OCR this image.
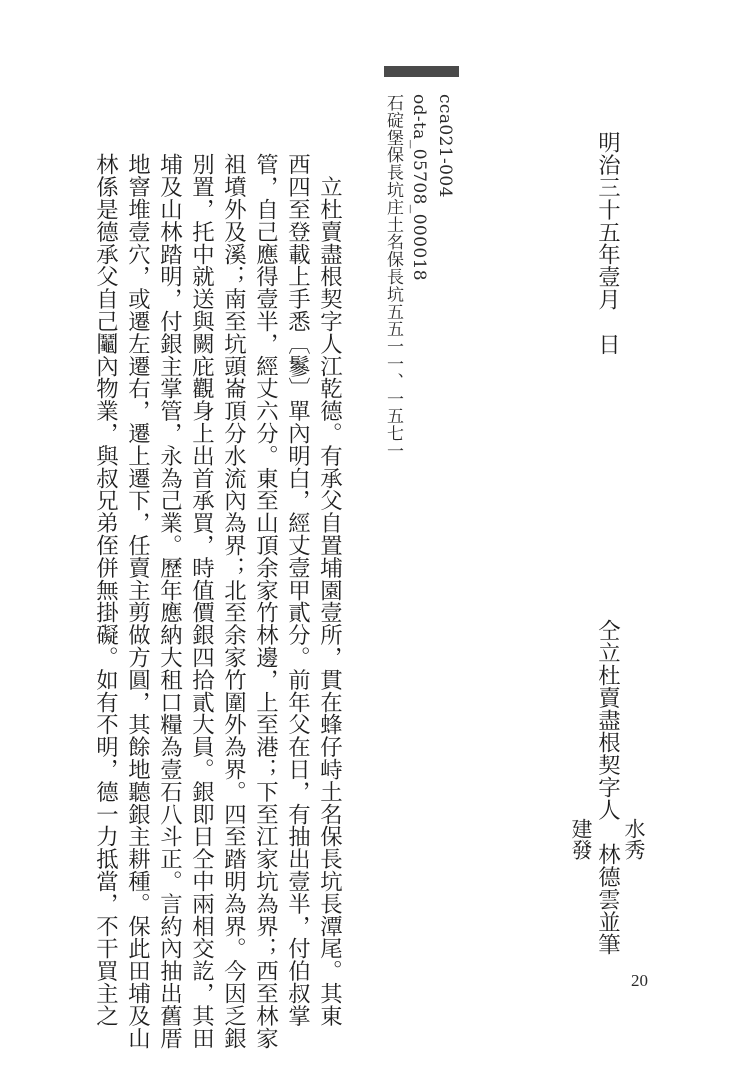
明治三十五年壹月　日
仝立杜賣盡根契字人　林德雲並筆 水秀
建發
cca021-004
od-ta_05708_000018
石碇堡保長坑庄土名保長坑五五一一、一五七一
　立杜賣盡根契字人江乾德。有承父自置埔園壹所，貫在蜂仔峙土名保長坑長潭尾。其東
西四至登載上手悉〔鬖〕單內明白，經丈壹甲貳分。前年父在日，有抽出壹半，付伯叔掌
管，自己應得壹半，經丈六分。東至山頂余家竹林邊，上至港；下至江家坑為界；西至林家
祖墳外及溪；南至坑頭崙頂分水流內為界；北至余家竹圍外為界。四至踏明為界。今因乏銀
別置，托中就送與闕庇觀身上出首承買，時值價銀四拾貳大員。銀即日仝中兩相交訖，其田
埔及山林踏明，付銀主掌管，永為己業。歷年應納大租口糧為壹石八斗正。言約內抽出舊厝
地窨堆壹穴，或遷左遷右，遷上遷下，任賣主剪做方圓，其餘地聽銀主耕種。保此田埔及山
林係是德承父自己鬮內物業，與叔兄弟侄併無掛礙。如有不明，德一力抵當，不干買主之	20
